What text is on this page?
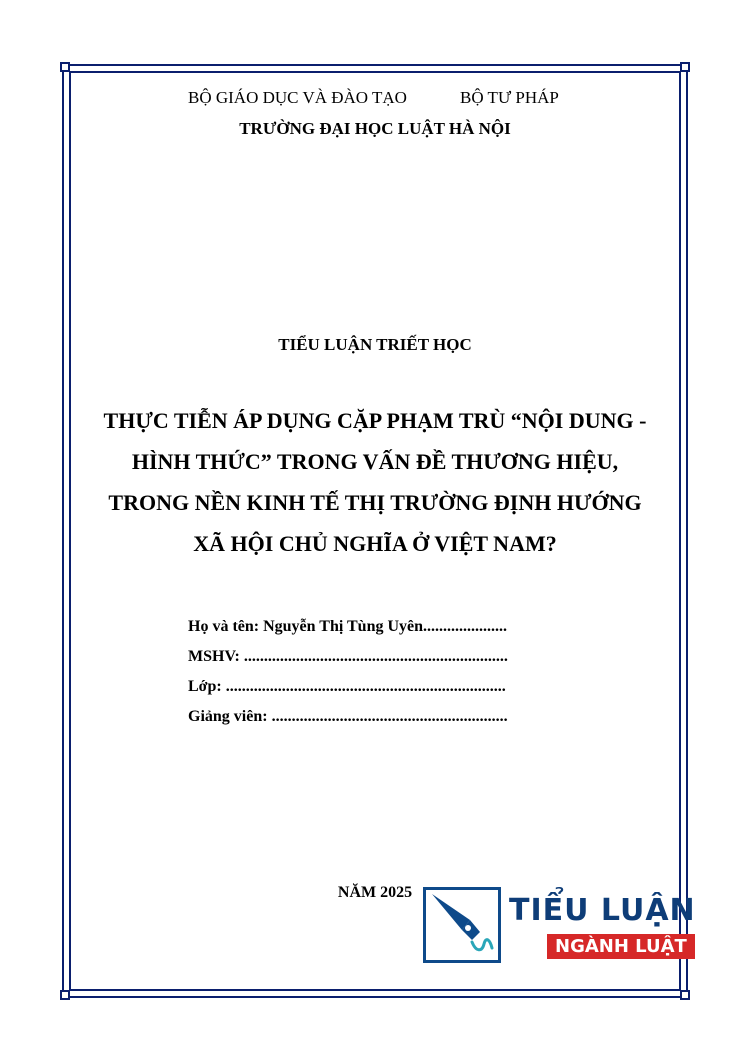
BỘ GIÁO DỤC VÀ ĐÀO TẠO	BỘ TƯ PHÁP
TRƯỜNG ĐẠI HỌC LUẬT HÀ NỘI
TIỂU LUẬN TRIẾT HỌC
THỰC TIỄN ÁP DỤNG CẶP PHẠM TRÙ “NỘI DUNG -
HÌNH THỨC” TRONG VẤN ĐỀ THƯƠNG HIỆU,
TRONG NỀN KINH TẾ THỊ TRƯỜNG ĐỊNH HƯỚNG
XÃ HỘI CHỦ NGHĨA Ở VIỆT NAM?
Họ và tên: Nguyễn Thị Tùng Uyên.....................
MSHV: ..................................................................
Lớp: ......................................................................
Giảng viên: ...........................................................
NĂM 2025
TIỂU LUẬN
NGÀNH LUẬT
